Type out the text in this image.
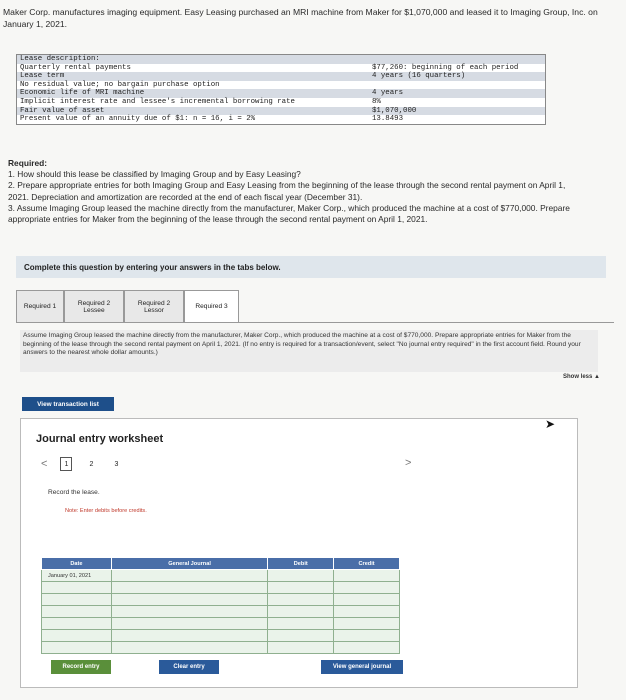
Maker Corp. manufactures imaging equipment. Easy Leasing purchased an MRI machine from Maker for $1,070,000 and leased it to Imaging Group, Inc. on January 1, 2021.
Lease description:
Quarterly rental payments	$77,260: beginning of each period
Lease term	4 years (16 quarters)
No residual value; no bargain purchase option
Economic life of MRI machine	4 years
Implicit interest rate and lessee's incremental borrowing rate	8%
Fair value of asset	$1,070,000
Present value of an annuity due of $1: n = 16, i = 2%	13.8493
Required:
1. How should this lease be classified by Imaging Group and by Easy Leasing?
2. Prepare appropriate entries for both Imaging Group and Easy Leasing from the beginning of the lease through the second rental payment on April 1, 2021. Depreciation and amortization are recorded at the end of each fiscal year (December 31).
3. Assume Imaging Group leased the machine directly from the manufacturer, Maker Corp., which produced the machine at a cost of $770,000. Prepare appropriate entries for Maker from the beginning of the lease through the second rental payment on April 1, 2021.
Complete this question by entering your answers in the tabs below.
Required 1	Required 2 Lessee
Required 2 Lessor	Required 3
Assume Imaging Group leased the machine directly from the manufacturer, Maker Corp., which produced the machine at a cost of $770,000. Prepare appropriate entries for Maker from the beginning of the lease through the second rental payment on April 1, 2021. (If no entry is required for a transaction/event, select "No journal entry required" in the first account field. Round your answers to the nearest whole dollar amounts.)
Show less ▲
View transaction list
Journal entry worksheet
<	1	2	3	>
Record the lease.
Note: Enter debits before credits.
Date	General Journal	Debit	Credit
January 01, 2021			

Record entry	Clear entry	View general journal
➤
